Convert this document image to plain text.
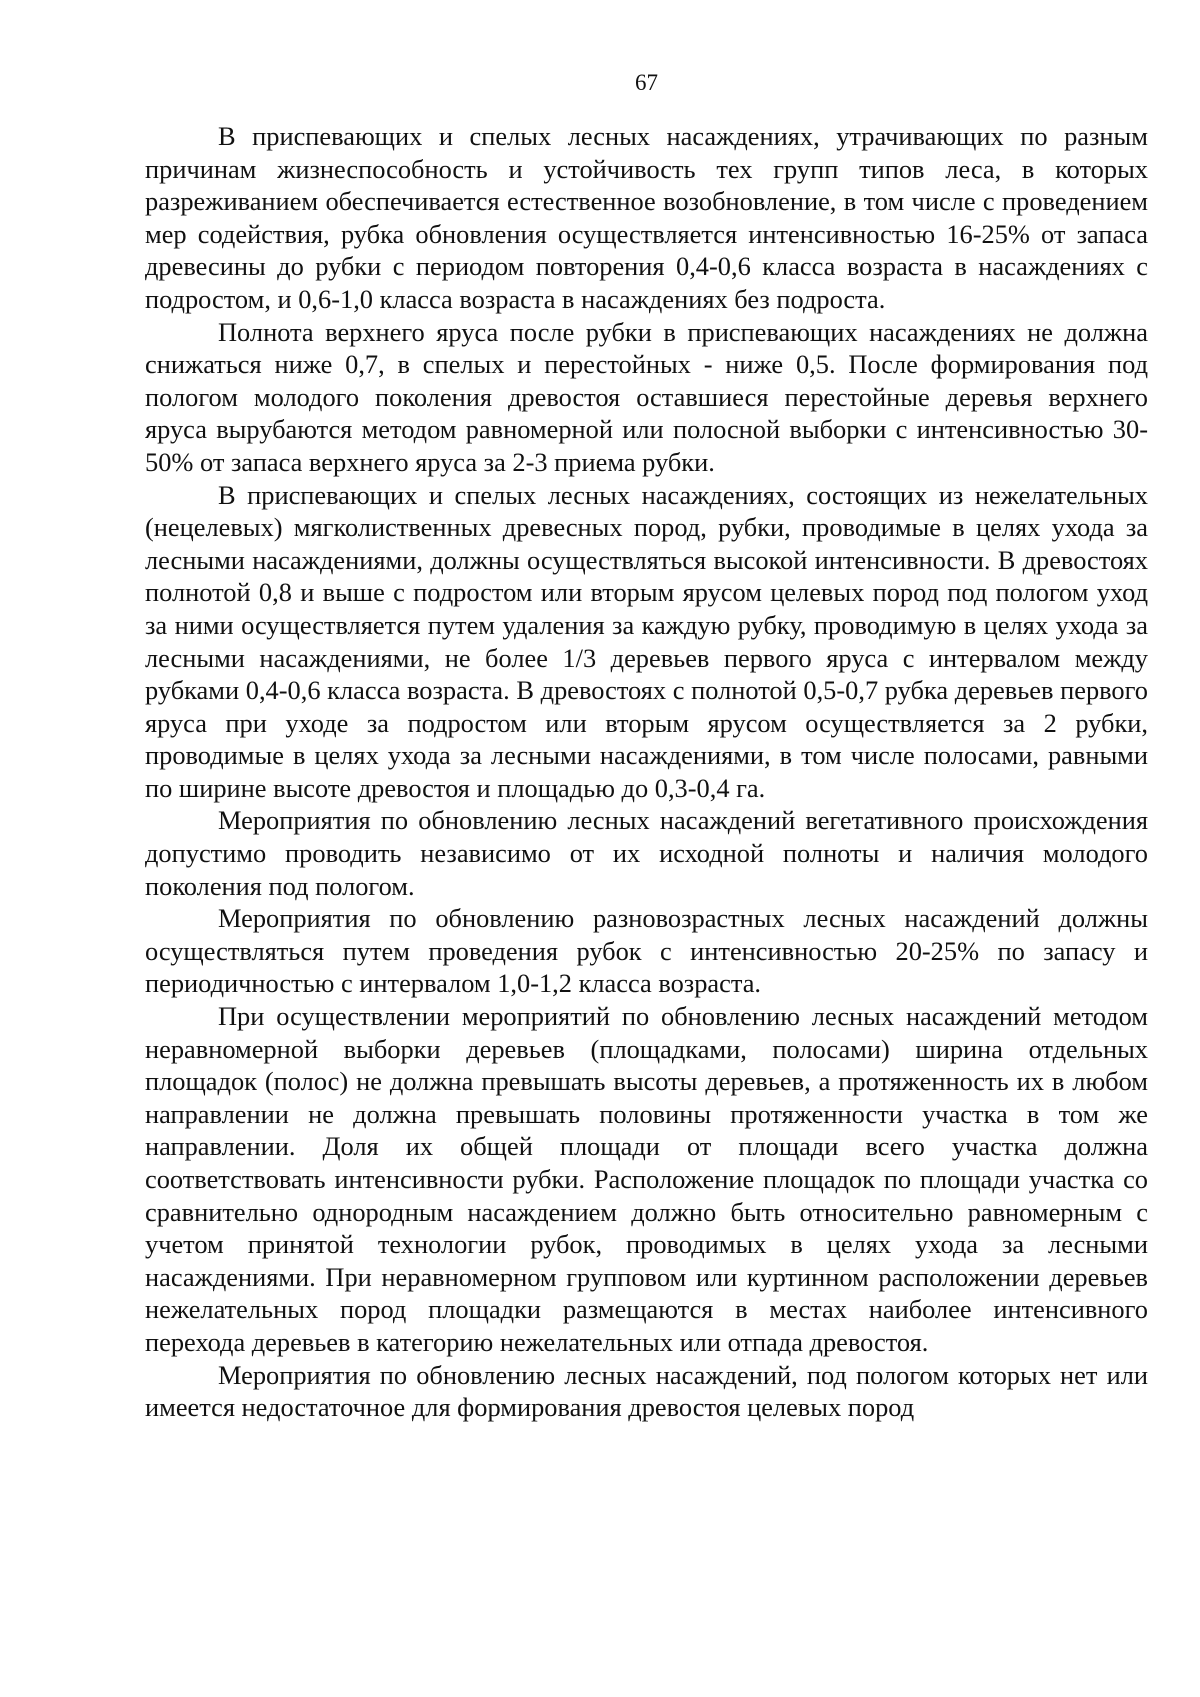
67

В приспевающих и спелых лесных насаждениях, утрачивающих по разным причинам жизнеспособность и устойчивость тех групп типов леса, в которых разреживанием обеспечивается естественное возобновление, в том числе с проведением мер содействия, рубка обновления осуществляется интенсивностью 16-25% от запаса древесины до рубки с периодом повторения 0,4-0,6 класса возраста в насаждениях с подростом, и 0,6-1,0 класса возраста в насаждениях без подроста.

Полнота верхнего яруса после рубки в приспевающих насаждениях не должна снижаться ниже 0,7, в спелых и перестойных - ниже 0,5. После формирования под пологом молодого поколения древостоя оставшиеся перестойные деревья верхнего яруса вырубаются методом равномерной или полосной выборки с интенсивностью 30-50% от запаса верхнего яруса за 2-3 приема рубки.

В приспевающих и спелых лесных насаждениях, состоящих из нежелательных (нецелевых) мягколиственных древесных пород, рубки, проводимые в целях ухода за лесными насаждениями, должны осуществляться высокой интенсивности. В древостоях полнотой 0,8 и выше с подростом или вторым ярусом целевых пород под пологом уход за ними осуществляется путем удаления за каждую рубку, проводимую в целях ухода за лесными насаждениями, не более 1/3 деревьев первого яруса с интервалом между рубками 0,4-0,6 класса возраста. В древостоях с полнотой 0,5-0,7 рубка деревьев первого яруса при уходе за подростом или вторым ярусом осуществляется за 2 рубки, проводимые в целях ухода за лесными насаждениями, в том числе полосами, равными по ширине высоте древостоя и площадью до 0,3-0,4 га.

Мероприятия по обновлению лесных насаждений вегетативного происхождения допустимо проводить независимо от их исходной полноты и наличия молодого поколения под пологом.

Мероприятия по обновлению разновозрастных лесных насаждений должны осуществляться путем проведения рубок с интенсивностью 20-25% по запасу и периодичностью с интервалом 1,0-1,2 класса возраста.

При осуществлении мероприятий по обновлению лесных насаждений методом неравномерной выборки деревьев (площадками, полосами) ширина отдельных площадок (полос) не должна превышать высоты деревьев, а протяженность их в любом направлении не должна превышать половины протяженности участка в том же направлении. Доля их общей площади от площади всего участка должна соответствовать интенсивности рубки. Расположение площадок по площади участка со сравнительно однородным насаждением должно быть относительно равномерным с учетом принятой технологии рубок, проводимых в целях ухода за лесными насаждениями. При неравномерном групповом или куртинном расположении деревьев нежелательных пород площадки размещаются в местах наиболее интенсивного перехода деревьев в категорию нежелательных или отпада древостоя.

Мероприятия по обновлению лесных насаждений, под пологом которых нет или имеется недостаточное для формирования древостоя целевых пород
